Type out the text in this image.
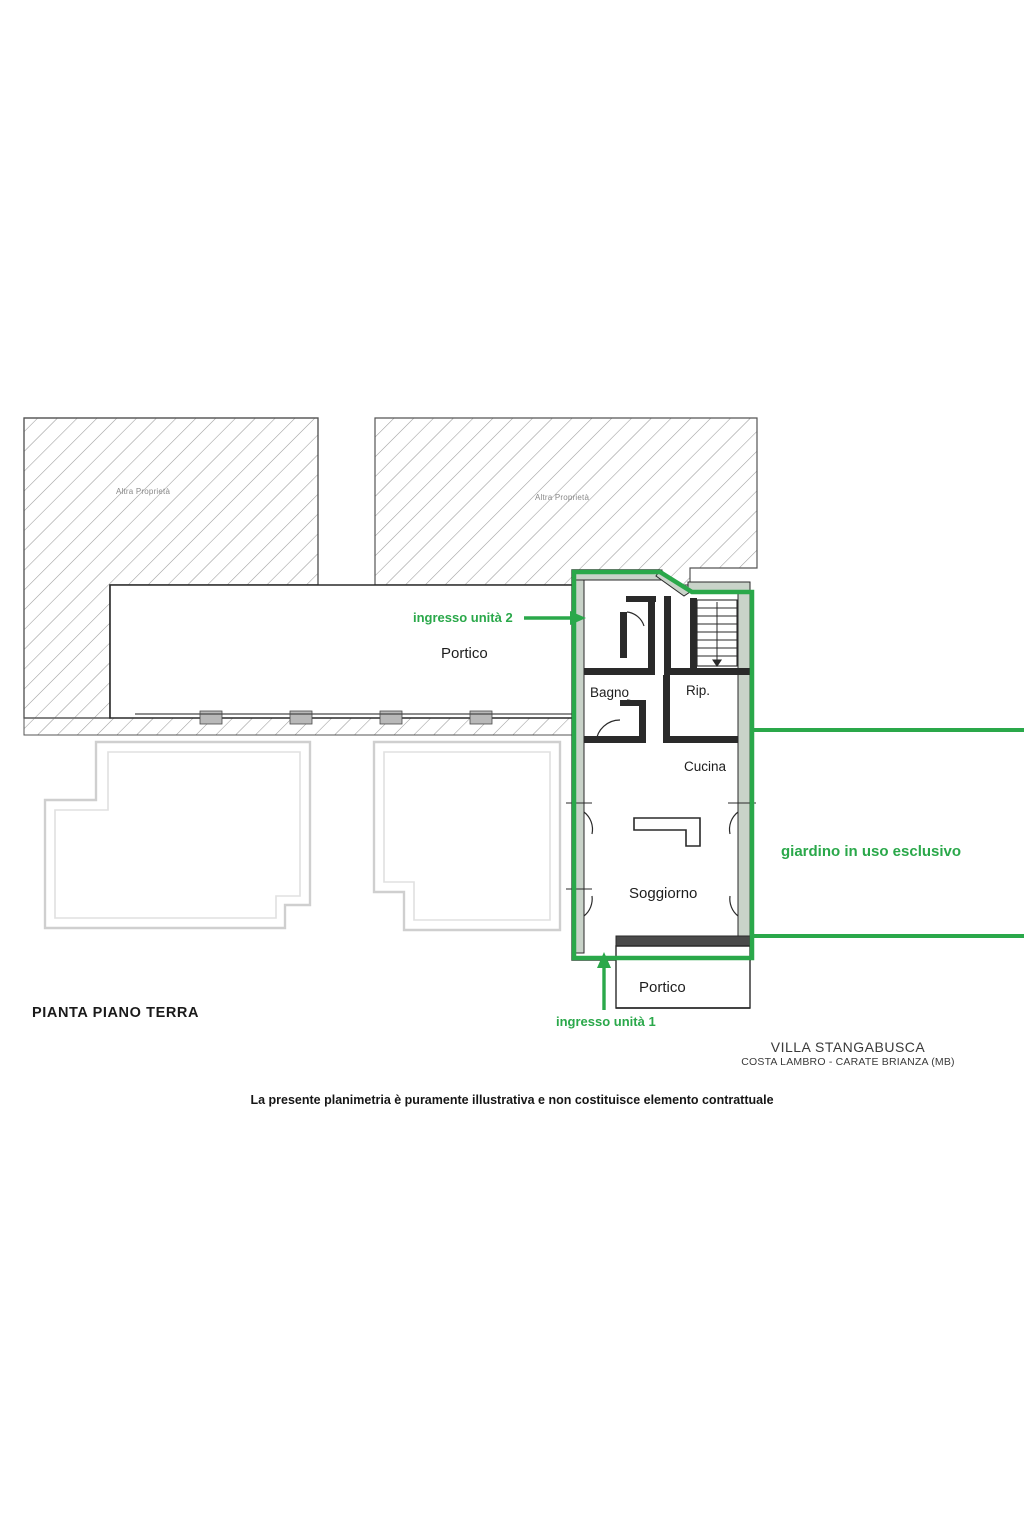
Altra Proprietà
Altra Proprietà
Portico
Bagno	Rip.
Cucina
Soggiorno
Portico
ingresso unità 2
ingresso unità 1
giardino in uso esclusivo
PIANTA PIANO TERRA
VILLA STANGABUSCA
COSTA LAMBRO - CARATE BRIANZA (MB)
La presente planimetria è puramente illustrativa e non costituisce elemento contrattuale
